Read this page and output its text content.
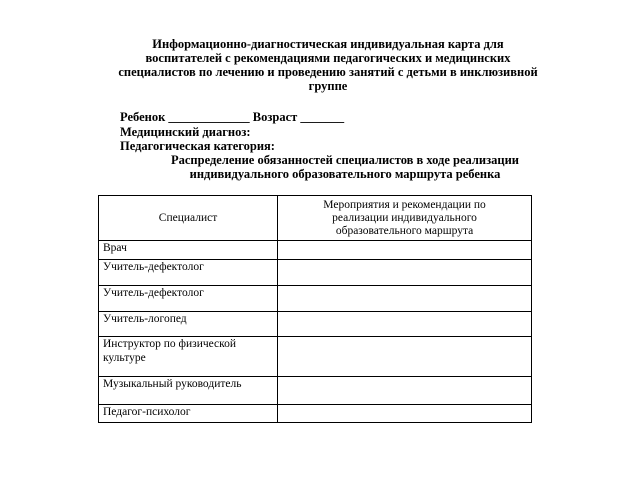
Информационно-диагностическая индивидуальная карта для
воспитателей с рекомендациями педагогических и медицинских
специалистов по лечению и проведению занятий с детьми в инклюзивной
группе
Ребенок _____________ Возраст _______
Медицинский диагноз:
Педагогическая категория:
Распределение обязанностей специалистов в ходе реализации
индивидуального образовательного маршрута ребенка
Специалист	Мероприятия и рекомендации по
реализации индивидуального
образовательного маршрута

Врач	
Учитель-дефектолог	
Учитель-дефектолог	
Учитель-логопед	
Инструктор по физической культуре	
Музыкальный руководитель	
Педагог-психолог	
